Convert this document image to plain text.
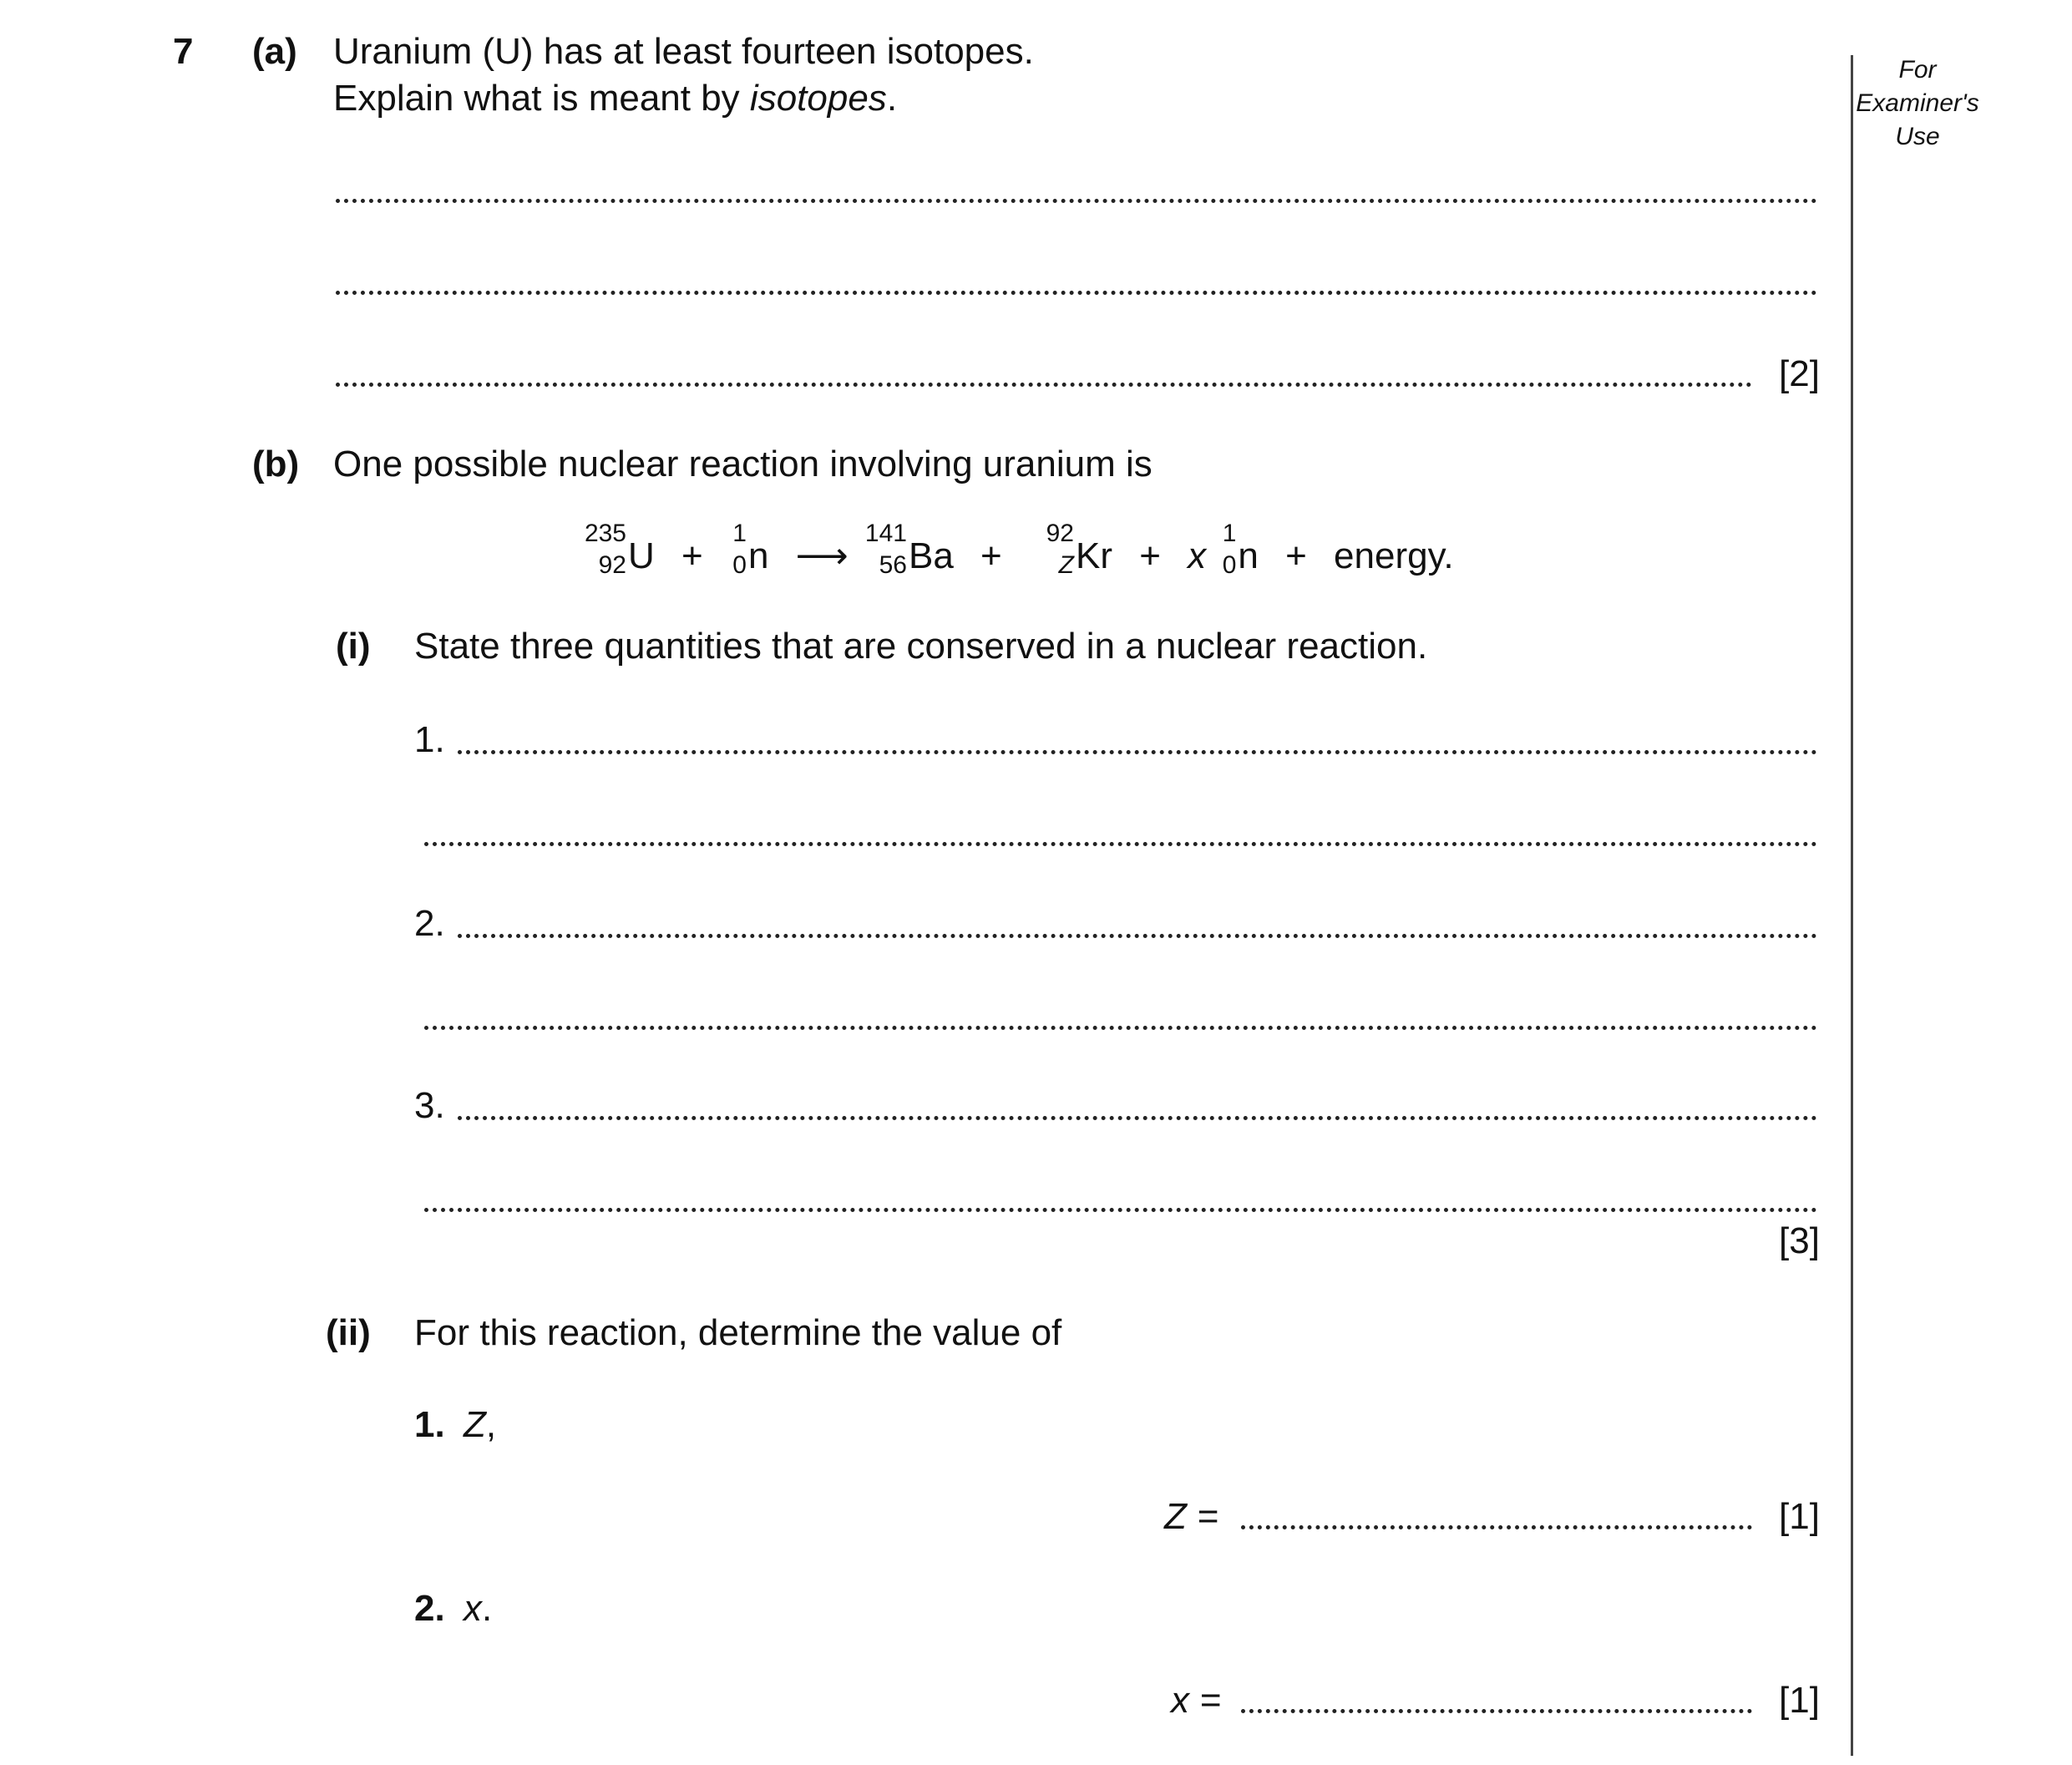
For
Examiner's
Use
7 (a) Uranium (U) has at least fourteen isotopes.
Explain what is meant by isotopes.
[2]
(b) One possible nuclear reaction involving uranium is
235
92 U +
1
0 n ⟶
141
56 Ba +
92
Z Kr + x
1
0 n + energy.
(i) State three quantities that are conserved in a nuclear reaction.
1.
2.
3.
[3]
(ii) For this reaction, determine the value of
1. Z,
Z =	[1]
2. x.
x =	[1]
